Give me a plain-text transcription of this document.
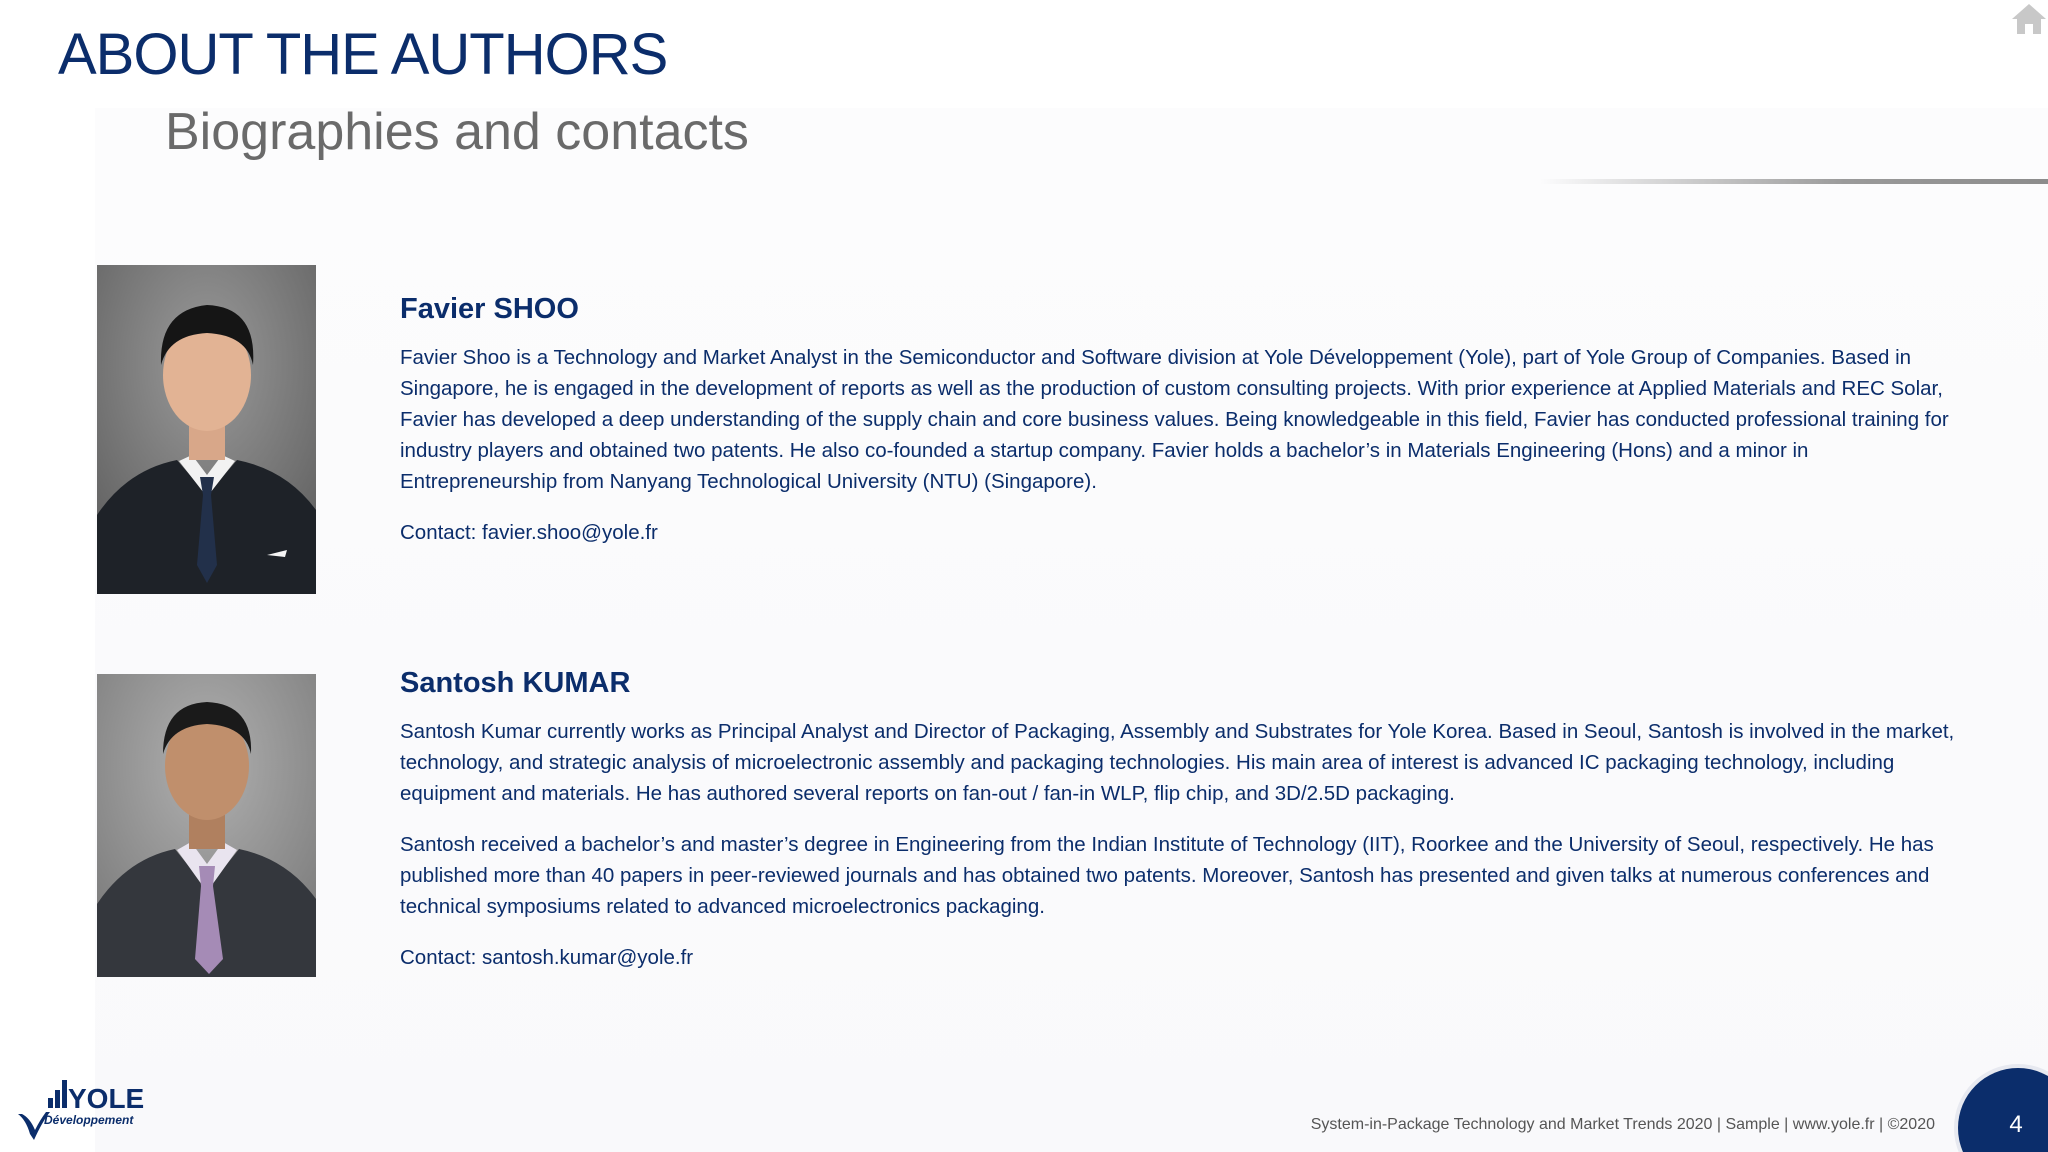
ABOUT THE AUTHORS
Biographies and contacts
Favier SHOO

Favier Shoo is a Technology and Market Analyst in the Semiconductor and Software division at Yole Développement (Yole), part of Yole Group of Companies. Based in Singapore, he is engaged in the development of reports as well as the production of custom consulting projects. With prior experience at Applied Materials and REC Solar, Favier has developed a deep understanding of the supply chain and core business values. Being knowledgeable in this field, Favier has conducted professional training for industry players and obtained two patents. He also co-founded a startup company. Favier holds a bachelor’s in Materials Engineering (Hons) and a minor in Entrepreneurship from Nanyang Technological University (NTU) (Singapore).

Contact: favier.shoo@yole.fr

Santosh KUMAR

Santosh Kumar currently works as Principal Analyst and Director of Packaging, Assembly and Substrates for Yole Korea. Based in Seoul, Santosh is involved in the market, technology, and strategic analysis of microelectronic assembly and packaging technologies. His main area of interest is advanced IC packaging technology, including equipment and materials. He has authored several reports on fan-out / fan-in WLP, flip chip, and 3D/2.5D packaging.

Santosh received a bachelor’s and master’s degree in Engineering from the Indian Institute of Technology (IIT), Roorkee and the University of Seoul, respectively. He has published more than 40 papers in peer-reviewed journals and has obtained two patents. Moreover, Santosh has presented and given talks at numerous conferences and technical symposiums related to advanced microelectronics packaging.

Contact: santosh.kumar@yole.fr

YOLE
Développement	System-in-Package Technology and Market Trends 2020 | Sample | www.yole.fr | ©2020	4
